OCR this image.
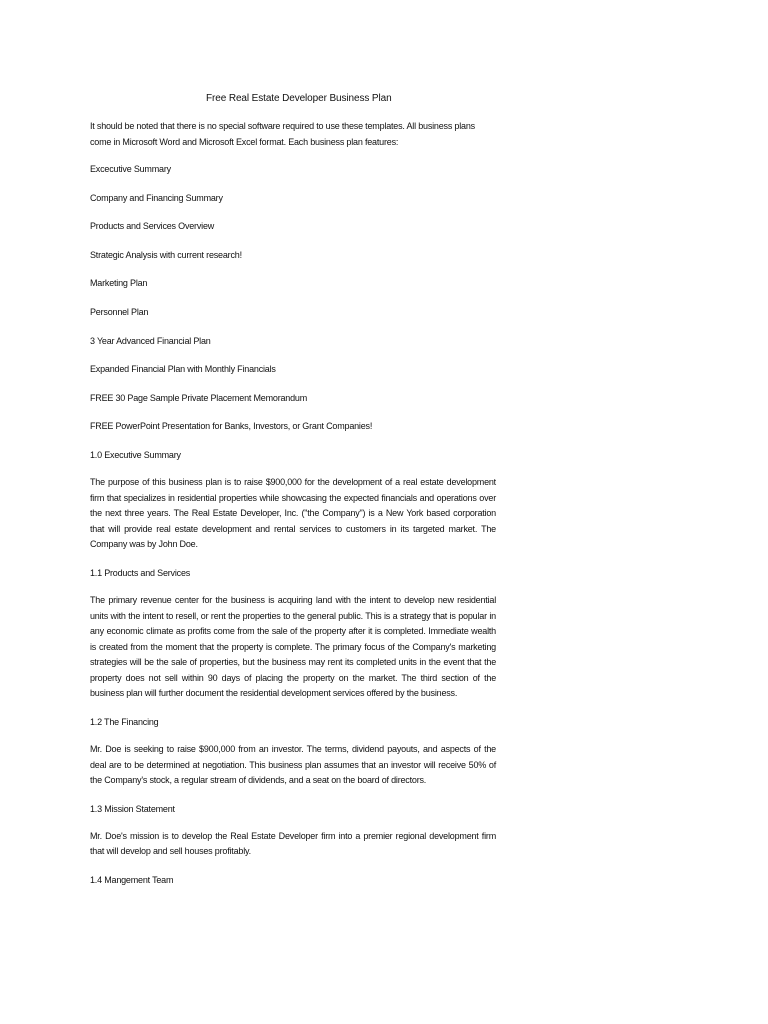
Free Real Estate Developer Business Plan

It should be noted that there is no special software required to use these templates. All business plans come in Microsoft Word and Microsoft Excel format. Each business plan features:

Excecutive Summary

Company and Financing Summary

Products and Services Overview

Strategic Analysis with current research!

Marketing Plan

Personnel Plan

3 Year Advanced Financial Plan

Expanded Financial Plan with Monthly Financials

FREE 30 Page Sample Private Placement Memorandum

FREE PowerPoint Presentation for Banks, Investors, or Grant Companies!

1.0 Executive Summary

The purpose of this business plan is to raise $900,000 for the development of a real estate development firm that specializes in residential properties while showcasing the expected financials and operations over the next three years. The Real Estate Developer, Inc. ("the Company") is a New York based corporation that will provide real estate development and rental services to customers in its targeted market. The Company was by John Doe.

1.1 Products and Services

The primary revenue center for the business is acquiring land with the intent to develop new residential units with the intent to resell, or rent the properties to the general public. This is a strategy that is popular in any economic climate as profits come from the sale of the property after it is completed. Immediate wealth is created from the moment that the property is complete. The primary focus of the Company's marketing strategies will be the sale of properties, but the business may rent its completed units in the event that the property does not sell within 90 days of placing the property on the market. The third section of the business plan will further document the residential development services offered by the business.

1.2 The Financing

Mr. Doe is seeking to raise $900,000 from an investor. The terms, dividend payouts, and aspects of the deal are to be determined at negotiation. This business plan assumes that an investor will receive 50% of the Company's stock, a regular stream of dividends, and a seat on the board of directors.

1.3 Mission Statement

Mr. Doe's mission is to develop the Real Estate Developer firm into a premier regional development firm that will develop and sell houses profitably.

1.4 Mangement Team
